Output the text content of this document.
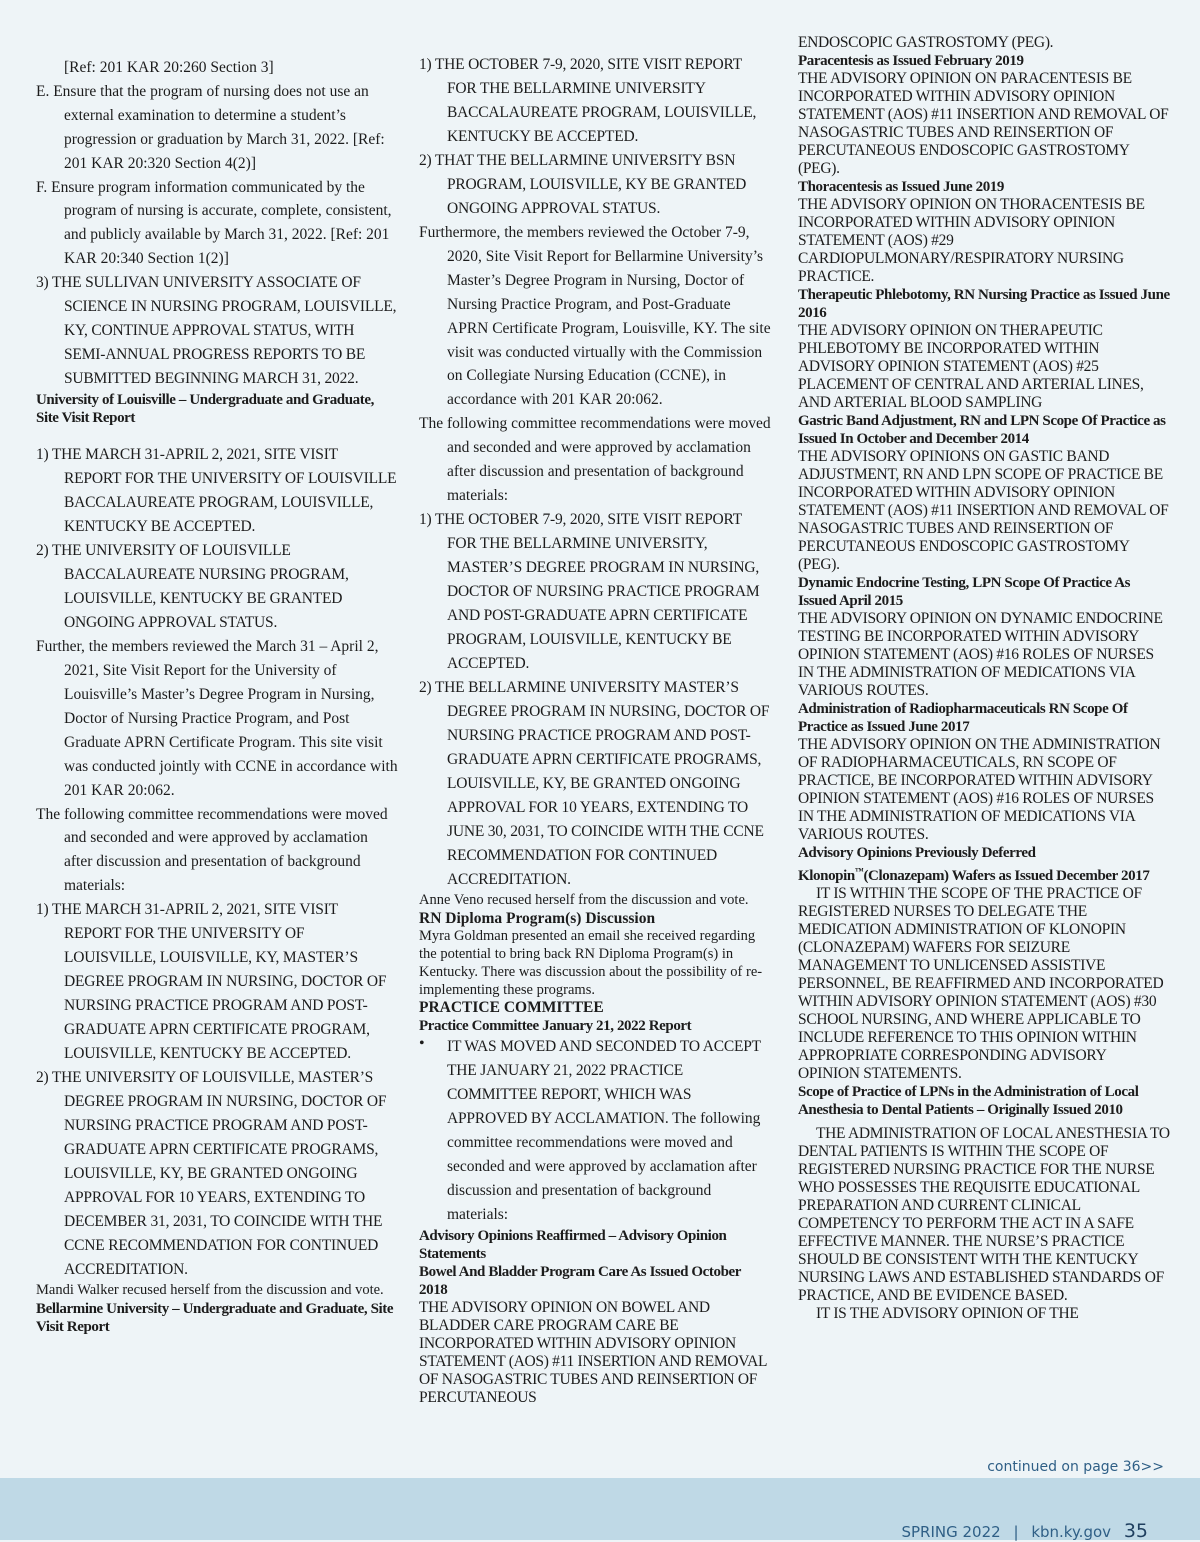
[Ref: 201 KAR 20:260 Section 3]

E. Ensure that the program of nursing does not use an external examination to determine a student’s progression or graduation by March 31, 2022. [Ref: 201 KAR 20:320 Section 4(2)]

F. Ensure program information communicated by the program of nursing is accurate, complete, consistent, and publicly available by March 31, 2022. [Ref: 201 KAR 20:340 Section 1(2)]

3) THE SULLIVAN UNIVERSITY ASSOCIATE OF SCIENCE IN NURSING PROGRAM, LOUISVILLE, KY, CONTINUE APPROVAL STATUS, WITH SEMI-ANNUAL PROGRESS REPORTS TO BE SUBMITTED BEGINNING MARCH 31, 2022.

University of Louisville – Undergraduate and Graduate, Site Visit Report

1) THE MARCH 31-APRIL 2, 2021, SITE VISIT REPORT FOR THE UNIVERSITY OF LOUISVILLE BACCALAUREATE PROGRAM, LOUISVILLE, KENTUCKY BE ACCEPTED.

2) THE UNIVERSITY OF LOUISVILLE BACCALAUREATE NURSING PROGRAM, LOUISVILLE, KENTUCKY BE GRANTED ONGOING APPROVAL STATUS.

Further, the members reviewed the March 31 – April 2, 2021, Site Visit Report for the University of Louisville’s Master’s Degree Program in Nursing, Doctor of Nursing Practice Program, and Post Graduate APRN Certificate Program. This site visit was conducted jointly with CCNE in accordance with 201 KAR 20:062.

The following committee recommendations were moved and seconded and were approved by acclamation after discussion and presentation of background materials:

1) THE MARCH 31-APRIL 2, 2021, SITE VISIT REPORT FOR THE UNIVERSITY OF LOUISVILLE, LOUISVILLE, KY, MASTER’S DEGREE PROGRAM IN NURSING, DOCTOR OF NURSING PRACTICE PROGRAM AND POST-GRADUATE APRN CERTIFICATE PROGRAM, LOUISVILLE, KENTUCKY BE ACCEPTED.

2) THE UNIVERSITY OF LOUISVILLE, MASTER’S DEGREE PROGRAM IN NURSING, DOCTOR OF NURSING PRACTICE PROGRAM AND POST-GRADUATE APRN CERTIFICATE PROGRAMS, LOUISVILLE, KY, BE GRANTED ONGOING APPROVAL FOR 10 YEARS, EXTENDING TO DECEMBER 31, 2031, TO COINCIDE WITH THE CCNE RECOMMENDATION FOR CONTINUED ACCREDITATION.

Mandi Walker recused herself from the discussion and vote.

Bellarmine University – Undergraduate and Graduate, Site Visit Report

1) THE OCTOBER 7-9, 2020, SITE VISIT REPORT FOR THE BELLARMINE UNIVERSITY BACCALAUREATE PROGRAM, LOUISVILLE, KENTUCKY BE ACCEPTED.

2) THAT THE BELLARMINE UNIVERSITY BSN PROGRAM, LOUISVILLE, KY BE GRANTED ONGOING APPROVAL STATUS.

Furthermore, the members reviewed the October 7-9, 2020, Site Visit Report for Bellarmine University’s Master’s Degree Program in Nursing, Doctor of Nursing Practice Program, and Post-Graduate APRN Certificate Program, Louisville, KY. The site visit was conducted virtually with the Commission on Collegiate Nursing Education (CCNE), in accordance with 201 KAR 20:062.

The following committee recommendations were moved and seconded and were approved by acclamation after discussion and presentation of background materials:

1) THE OCTOBER 7-9, 2020, SITE VISIT REPORT FOR THE BELLARMINE UNIVERSITY, MASTER’S DEGREE PROGRAM IN NURSING, DOCTOR OF NURSING PRACTICE PROGRAM AND POST-GRADUATE APRN CERTIFICATE PROGRAM, LOUISVILLE, KENTUCKY BE ACCEPTED.

2) THE BELLARMINE UNIVERSITY MASTER’S DEGREE PROGRAM IN NURSING, DOCTOR OF NURSING PRACTICE PROGRAM AND POST-GRADUATE APRN CERTIFICATE PROGRAMS, LOUISVILLE, KY, BE GRANTED ONGOING APPROVAL FOR 10 YEARS, EXTENDING TO JUNE 30, 2031, TO COINCIDE WITH THE CCNE RECOMMENDATION FOR CONTINUED ACCREDITATION.

Anne Veno recused herself from the discussion and vote.

RN Diploma Program(s) Discussion

Myra Goldman presented an email she received regarding the potential to bring back RN Diploma Program(s) in Kentucky. There was discussion about the possibility of re-implementing these programs.

PRACTICE COMMITTEE

Practice Committee January 21, 2022 Report

•	IT WAS MOVED AND SECONDED TO ACCEPT THE JANUARY 21, 2022 PRACTICE COMMITTEE REPORT, WHICH WAS APPROVED BY ACCLAMATION. The following committee recommendations were moved and seconded and were approved by acclamation after discussion and presentation of background materials:

Advisory Opinions Reaffirmed – Advisory Opinion Statements

Bowel And Bladder Program Care As Issued October 2018

THE ADVISORY OPINION ON BOWEL AND BLADDER CARE PROGRAM CARE BE INCORPORATED WITHIN ADVISORY OPINION STATEMENT (AOS) #11 INSERTION AND REMOVAL OF NASOGASTRIC TUBES AND REINSERTION OF PERCUTANEOUS

ENDOSCOPIC GASTROSTOMY (PEG).

Paracentesis as Issued February 2019

THE ADVISORY OPINION ON PARACENTESIS BE INCORPORATED WITHIN ADVISORY OPINION STATEMENT (AOS) #11 INSERTION AND REMOVAL OF NASOGASTRIC TUBES AND REINSERTION OF PERCUTANEOUS ENDOSCOPIC GASTROSTOMY (PEG).

Thoracentesis as Issued June 2019

THE ADVISORY OPINION ON THORACENTESIS BE INCORPORATED WITHIN ADVISORY OPINION STATEMENT (AOS) #29 CARDIOPULMONARY/RESPIRATORY NURSING PRACTICE.

Therapeutic Phlebotomy, RN Nursing Practice as Issued June 2016

THE ADVISORY OPINION ON THERAPEUTIC PHLEBOTOMY BE INCORPORATED WITHIN ADVISORY OPINION STATEMENT (AOS) #25 PLACEMENT OF CENTRAL AND ARTERIAL LINES, AND ARTERIAL BLOOD SAMPLING

Gastric Band Adjustment, RN and LPN Scope Of Practice as Issued In October and December 2014

THE ADVISORY OPINIONS ON GASTIC BAND ADJUSTMENT, RN AND LPN SCOPE OF PRACTICE BE INCORPORATED WITHIN ADVISORY OPINION STATEMENT (AOS) #11 INSERTION AND REMOVAL OF NASOGASTRIC TUBES AND REINSERTION OF PERCUTANEOUS ENDOSCOPIC GASTROSTOMY (PEG).

Dynamic Endocrine Testing, LPN Scope Of Practice As Issued April 2015

THE ADVISORY OPINION ON DYNAMIC ENDOCRINE TESTING BE INCORPORATED WITHIN ADVISORY OPINION STATEMENT (AOS) #16 ROLES OF NURSES IN THE ADMINISTRATION OF MEDICATIONS VIA VARIOUS ROUTES.

Administration of Radiopharmaceuticals RN Scope Of Practice as Issued June 2017

THE ADVISORY OPINION ON THE ADMINISTRATION OF RADIOPHARMACEUTICALS, RN SCOPE OF PRACTICE, BE INCORPORATED WITHIN ADVISORY OPINION STATEMENT (AOS) #16 ROLES OF NURSES IN THE ADMINISTRATION OF MEDICATIONS VIA VARIOUS ROUTES.

Advisory Opinions Previously Deferred

Klonopin™(Clonazepam) Wafers as Issued December 2017

IT IS WITHIN THE SCOPE OF THE PRACTICE OF REGISTERED NURSES TO DELEGATE THE MEDICATION ADMINISTRATION OF KLONOPIN (CLONAZEPAM) WAFERS FOR SEIZURE MANAGEMENT TO UNLICENSED ASSISTIVE PERSONNEL, BE REAFFIRMED AND INCORPORATED WITHIN ADVISORY OPINION STATEMENT (AOS) #30 SCHOOL NURSING, AND WHERE APPLICABLE TO INCLUDE REFERENCE TO THIS OPINION WITHIN APPROPRIATE CORRESPONDING ADVISORY OPINION STATEMENTS.

Scope of Practice of LPNs in the Administration of Local Anesthesia to Dental Patients – Originally Issued 2010

THE ADMINISTRATION OF LOCAL ANESTHESIA TO DENTAL PATIENTS IS WITHIN THE SCOPE OF REGISTERED NURSING PRACTICE FOR THE NURSE WHO POSSESSES THE REQUISITE EDUCATIONAL PREPARATION AND CURRENT CLINICAL COMPETENCY TO PERFORM THE ACT IN A SAFE EFFECTIVE MANNER. THE NURSE’S PRACTICE SHOULD BE CONSISTENT WITH THE KENTUCKY NURSING LAWS AND ESTABLISHED STANDARDS OF PRACTICE, AND BE EVIDENCE BASED.

IT IS THE ADVISORY OPINION OF THE

continued on page 36>>
SPRING 2022 | kbn.ky.gov 35
